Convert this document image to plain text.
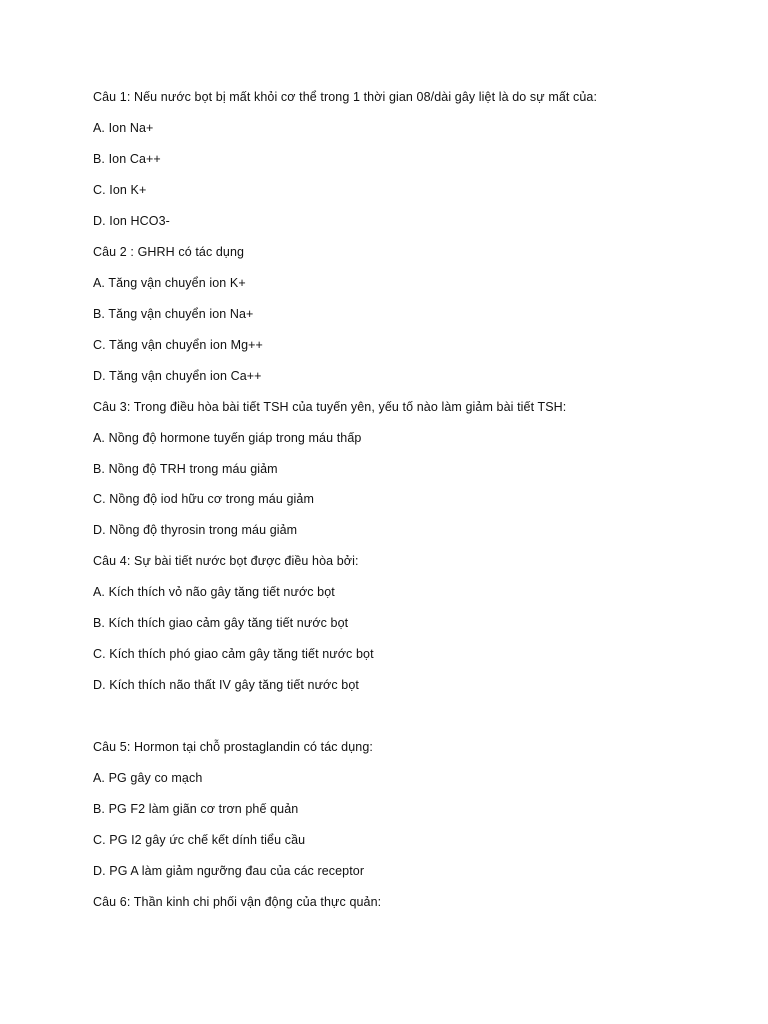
Câu 1: Nếu nước bọt bị mất khỏi cơ thể trong 1 thời gian 08/dài gây liệt là do sự mất của:
A. Ion Na+
B. Ion Ca++
C. Ion K+
D. Ion HCO3-
Câu 2 : GHRH có tác dụng
A. Tăng vận chuyển ion K+
B. Tăng vận chuyển ion Na+
C. Tăng vận chuyển ion Mg++
D. Tăng vận chuyển ion Ca++
Câu 3: Trong điều hòa bài tiết TSH của tuyến yên, yếu tố nào làm giảm bài tiết TSH:
A. Nồng độ hormone tuyến giáp trong máu thấp
B. Nồng độ TRH trong máu giảm
C. Nồng độ iod hữu cơ trong máu giảm
D. Nồng độ thyrosin trong máu giảm
Câu 4: Sự bài tiết nước bọt được điều hòa bởi:
A. Kích thích vỏ não gây tăng tiết nước bọt
B. Kích thích giao cảm gây tăng tiết nước bọt
C. Kích thích phó giao cảm gây tăng tiết nước bọt
D. Kích thích não thất IV gây tăng tiết nước bọt
Câu 5: Hormon tại chỗ prostaglandin có tác dụng:
A. PG gây co mạch
B. PG F2 làm giãn cơ trơn phế quản
C. PG I2 gây ức chế kết dính tiểu cầu
D. PG A làm giảm ngưỡng đau của các receptor
Câu 6: Thần kinh chi phối vận động của thực quản:
